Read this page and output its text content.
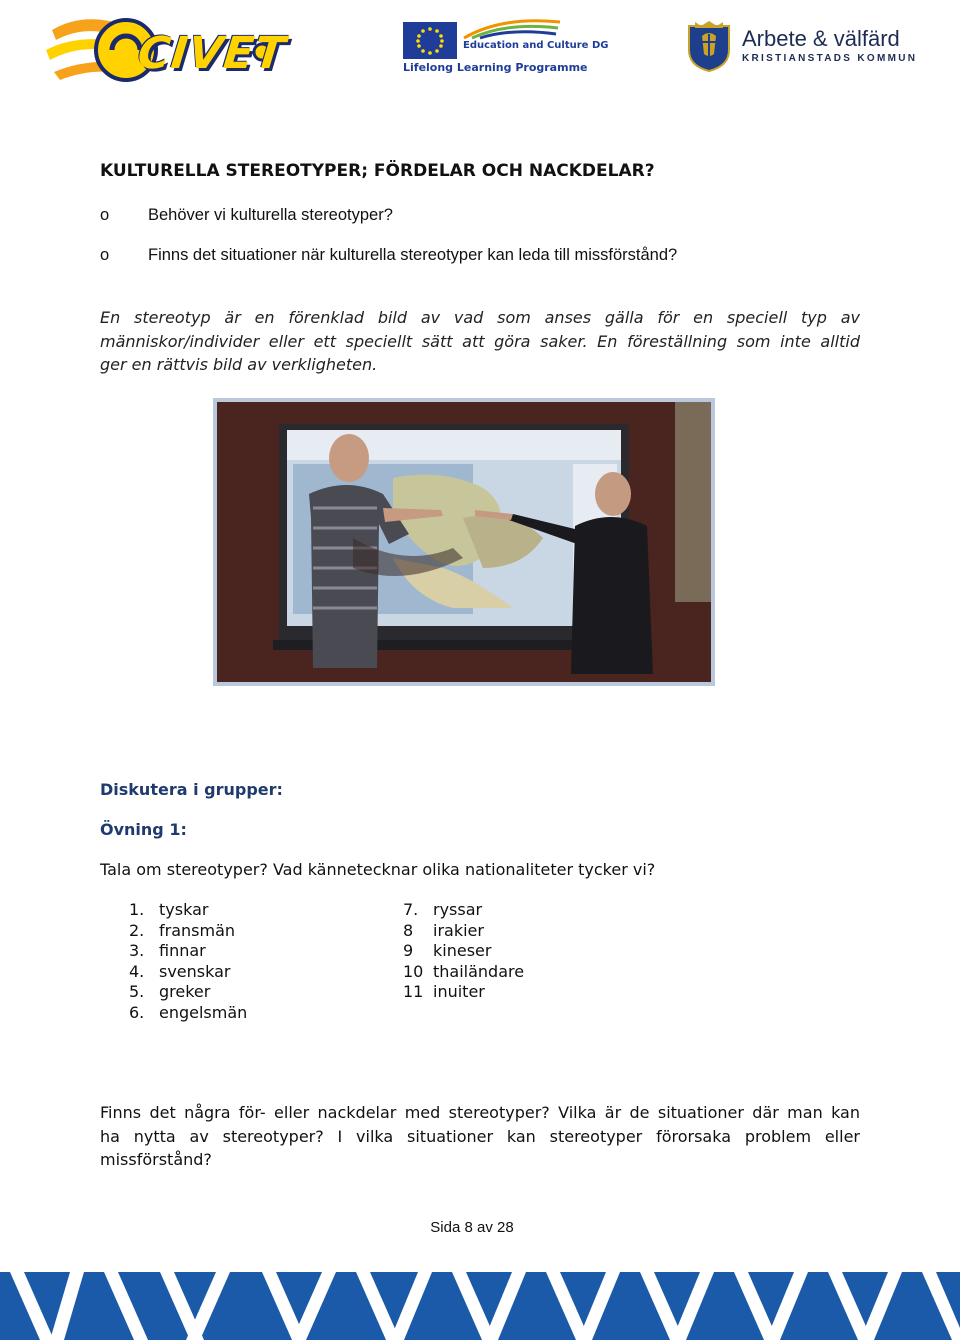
CIVET	Education and Culture DG
Lifelong Learning Programme
Arbete & välfärd
KRISTIANSTADS KOMMUN
KULTURELLA STEREOTYPER; FÖRDELAR OCH NACKDELAR?
o Behöver vi kulturella stereotyper?
o Finns det situationer när kulturella stereotyper kan leda till missförstånd?
En stereotyp är en förenklad bild av vad som anses gälla för en speciell typ av
människor/individer eller ett speciellt sätt att göra saker. En föreställning som inte alltid
ger en rättvis bild av verkligheten.
Diskutera i grupper:
Övning 1:
Tala om stereotyper? Vad kännetecknar olika nationaliteter tycker vi?
1. tyskar
2. fransmän
3. finnar
4. svenskar
5. greker
6. engelsmän
7. ryssar
8 irakier
9 kineser
10 thailändare
11 inuiter
Finns det några för- eller nackdelar med stereotyper? Vilka är de situationer där man kan
ha nytta av stereotyper? I vilka situationer kan stereotyper förorsaka problem eller
missförstånd?
Sida 8 av 28
